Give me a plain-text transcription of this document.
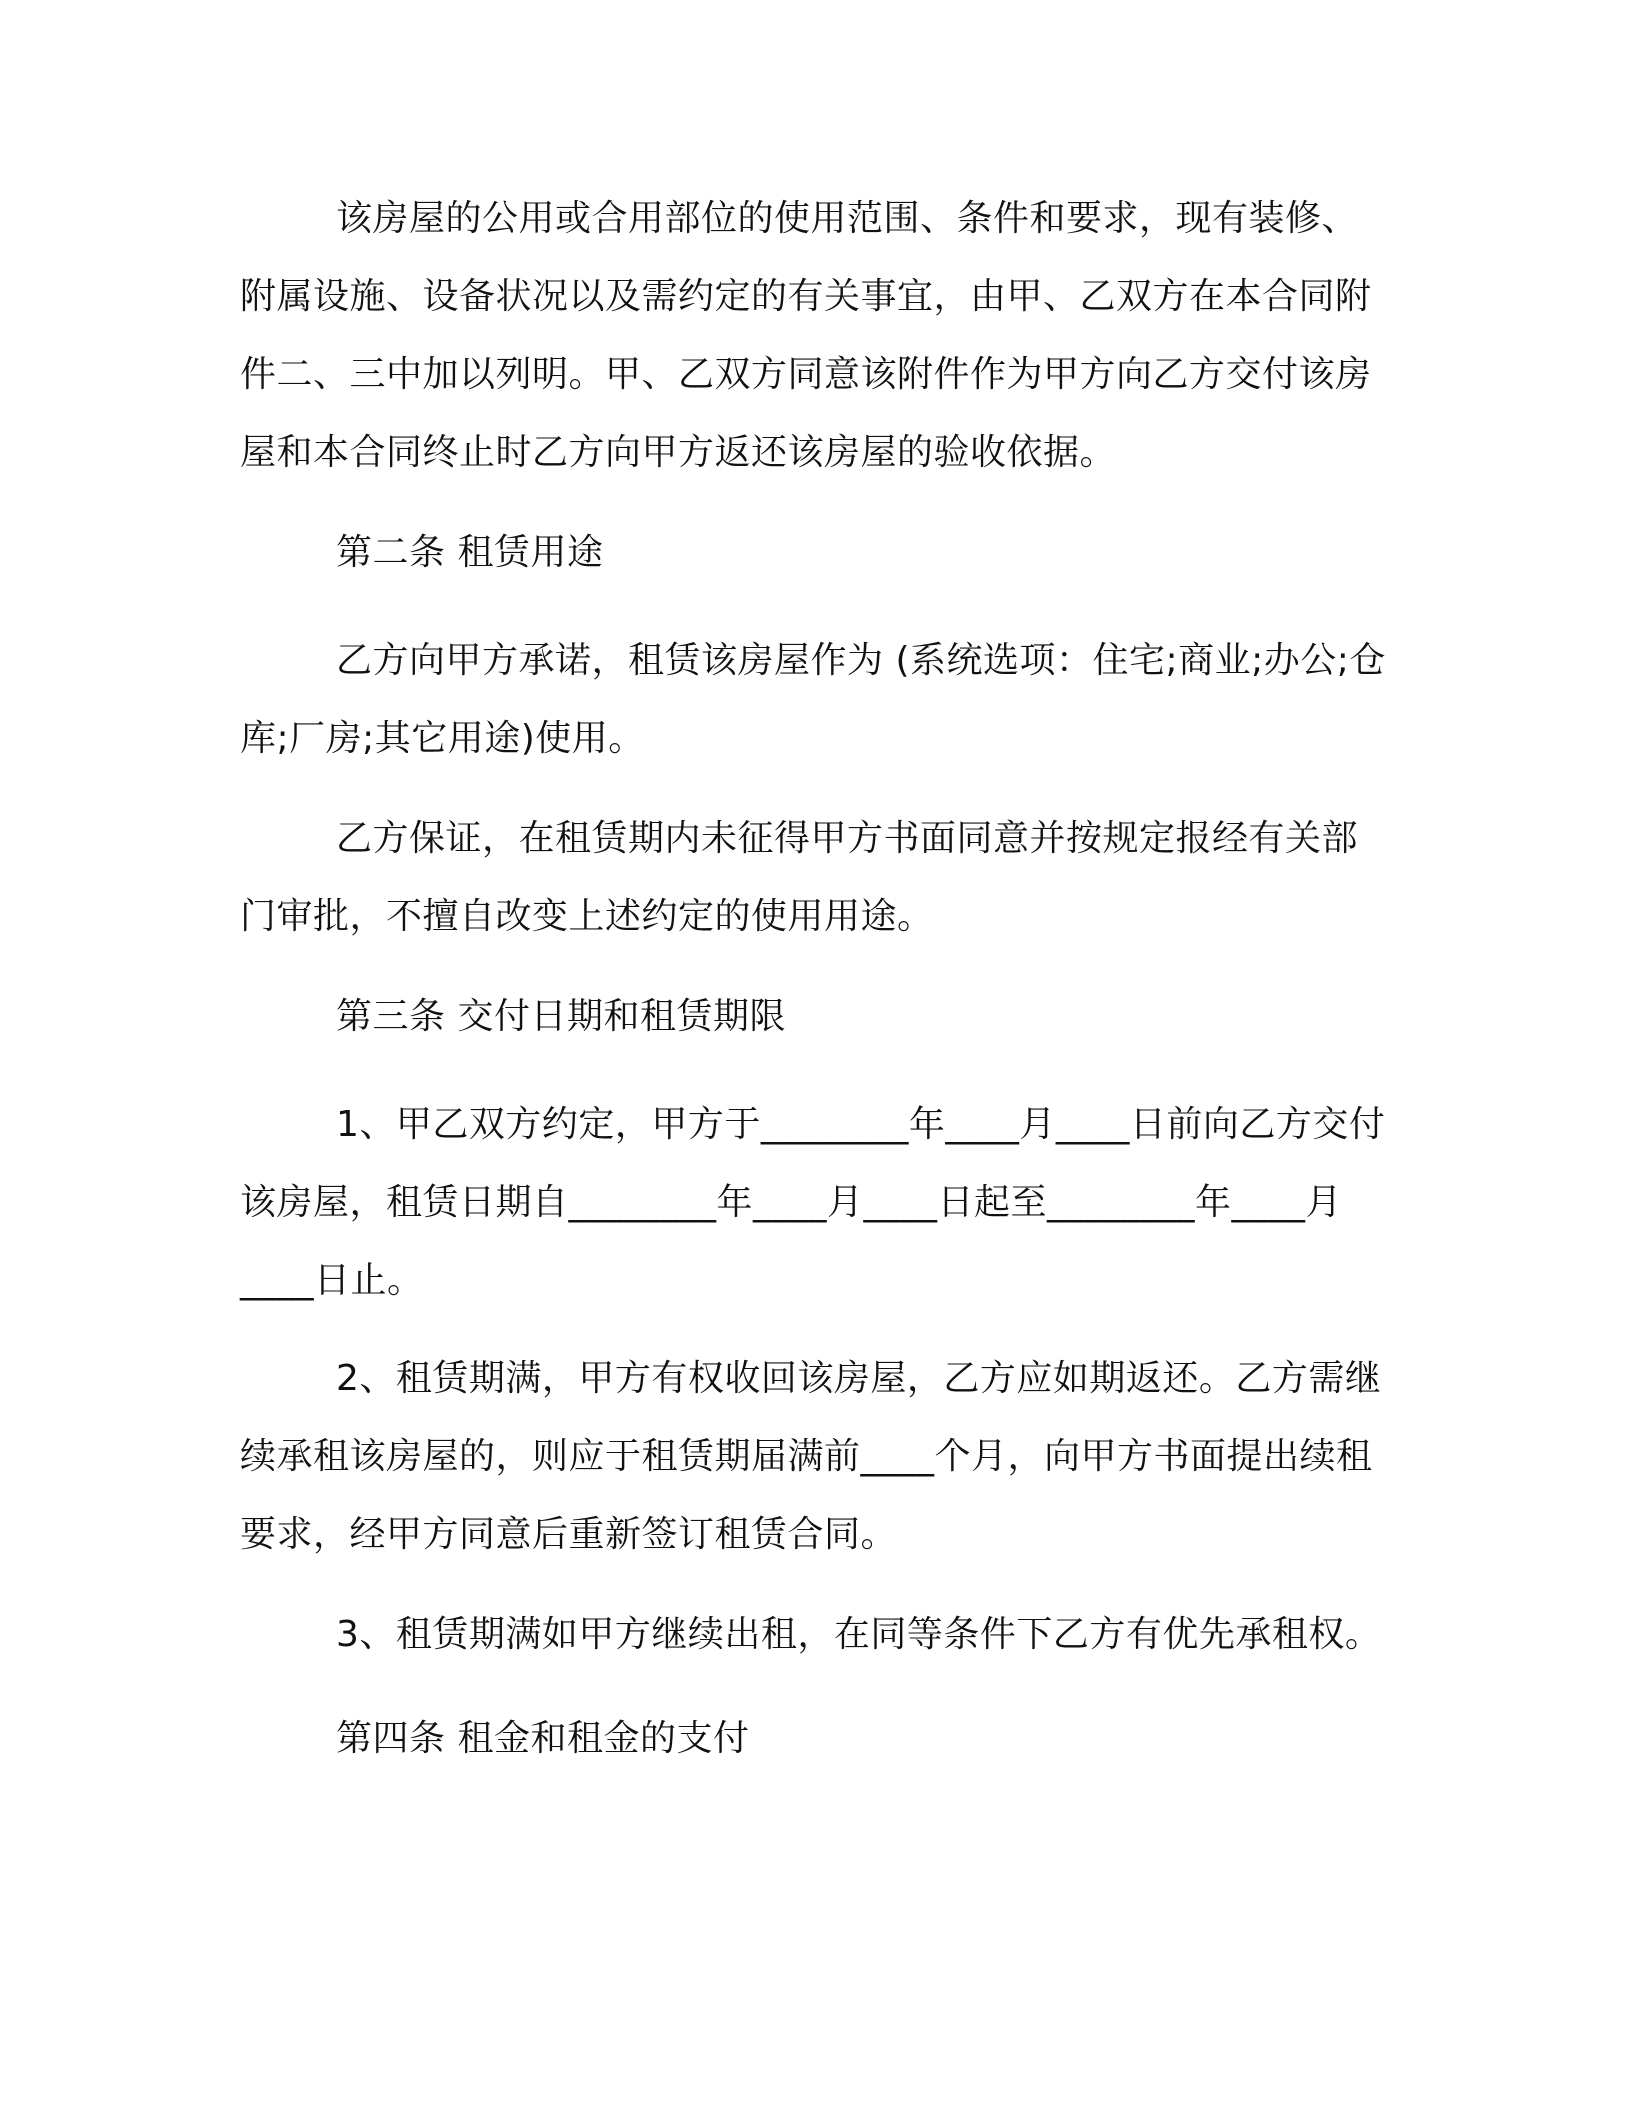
该房屋的公用或合用部位的使用范围、条件和要求，现有装修、附属设施、设备状况以及需约定的有关事宜，由甲、乙双方在本合同附件二、三中加以列明。甲、乙双方同意该附件作为甲方向乙方交付该房屋和本合同终止时乙方向甲方返还该房屋的验收依据。

第二条 租赁用途

乙方向甲方承诺，租赁该房屋作为 (系统选项：住宅;商业;办公;仓库;厂房;其它用途)使用。

乙方保证，在租赁期内未征得甲方书面同意并按规定报经有关部门审批，不擅自改变上述约定的使用用途。

第三条 交付日期和租赁期限

1、甲乙双方约定，甲方于________年____月____日前向乙方交付该房屋，租赁日期自________年____月____日起至________年____月____日止。

2、租赁期满，甲方有权收回该房屋，乙方应如期返还。乙方需继续承租该房屋的，则应于租赁期届满前____个月，向甲方书面提出续租要求，经甲方同意后重新签订租赁合同。

3、租赁期满如甲方继续出租，在同等条件下乙方有优先承租权。

第四条 租金和租金的支付
